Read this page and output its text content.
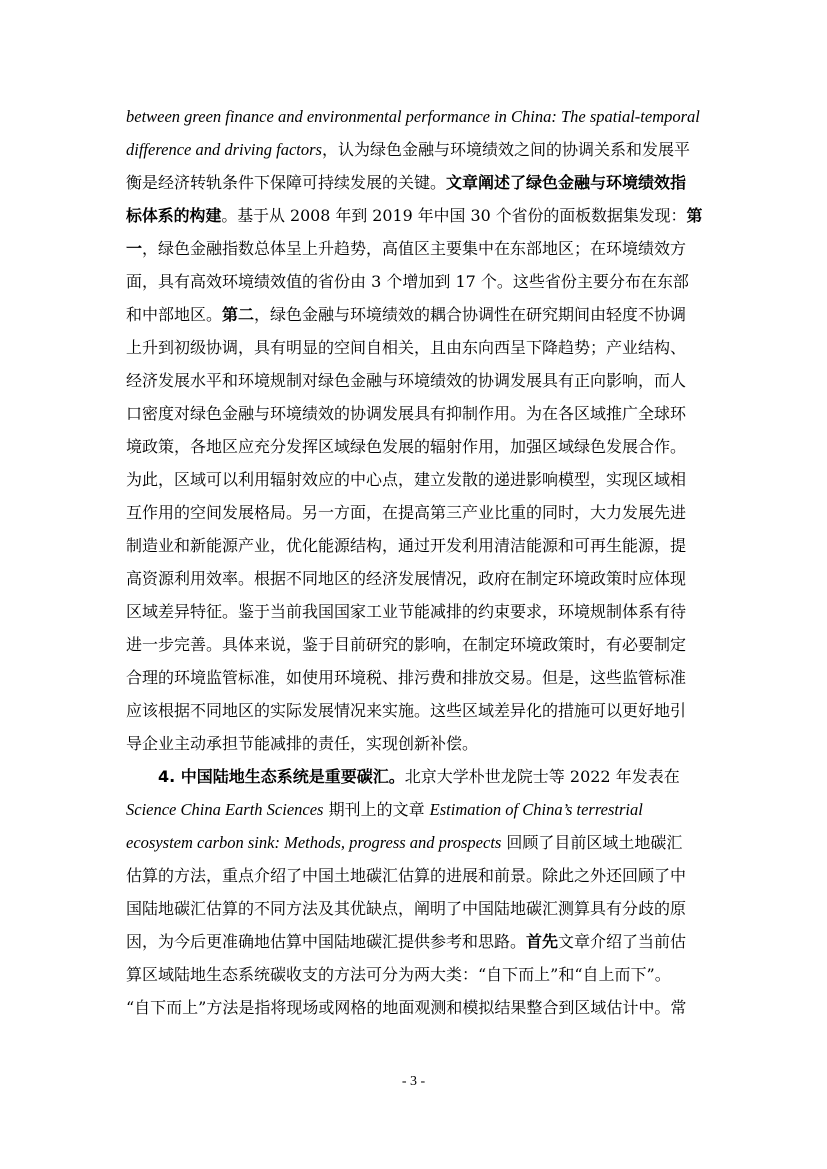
between green finance and environmental performance in China: The spatial-temporal
difference and driving factors，认为绿色金融与环境绩效之间的协调关系和发展平
衡是经济转轨条件下保障可持续发展的关键。文章阐述了绿色金融与环境绩效指
标体系的构建。基于从 2008 年到 2019 年中国 30 个省份的面板数据集发现：第
一，绿色金融指数总体呈上升趋势，高值区主要集中在东部地区；在环境绩效方
面，具有高效环境绩效值的省份由 3 个增加到 17 个。这些省份主要分布在东部
和中部地区。第二，绿色金融与环境绩效的耦合协调性在研究期间由轻度不协调
上升到初级协调，具有明显的空间自相关，且由东向西呈下降趋势；产业结构、
经济发展水平和环境规制对绿色金融与环境绩效的协调发展具有正向影响，而人
口密度对绿色金融与环境绩效的协调发展具有抑制作用。为在各区域推广全球环
境政策，各地区应充分发挥区域绿色发展的辐射作用，加强区域绿色发展合作。
为此，区域可以利用辐射效应的中心点，建立发散的递进影响模型，实现区域相
互作用的空间发展格局。另一方面，在提高第三产业比重的同时，大力发展先进
制造业和新能源产业，优化能源结构，通过开发利用清洁能源和可再生能源，提
高资源利用效率。根据不同地区的经济发展情况，政府在制定环境政策时应体现
区域差异特征。鉴于当前我国国家工业节能减排的约束要求，环境规制体系有待
进一步完善。具体来说，鉴于目前研究的影响，在制定环境政策时，有必要制定
合理的环境监管标准，如使用环境税、排污费和排放交易。但是，这些监管标准
应该根据不同地区的实际发展情况来实施。这些区域差异化的措施可以更好地引
导企业主动承担节能减排的责任，实现创新补偿。
4. 中国陆地生态系统是重要碳汇。北京大学朴世龙院士等 2022 年发表在
Science China Earth Sciences 期刊上的文章 Estimation of China’s terrestrial
ecosystem carbon sink: Methods, progress and prospects 回顾了目前区域土地碳汇
估算的方法，重点介绍了中国土地碳汇估算的进展和前景。除此之外还回顾了中
国陆地碳汇估算的不同方法及其优缺点，阐明了中国陆地碳汇测算具有分歧的原
因，为今后更准确地估算中国陆地碳汇提供参考和思路。首先文章介绍了当前估
算区域陆地生态系统碳收支的方法可分为两大类：“自下而上”和“自上而下”。
“自下而上”方法是指将现场或网格的地面观测和模拟结果整合到区域估计中。常
- 3 -
